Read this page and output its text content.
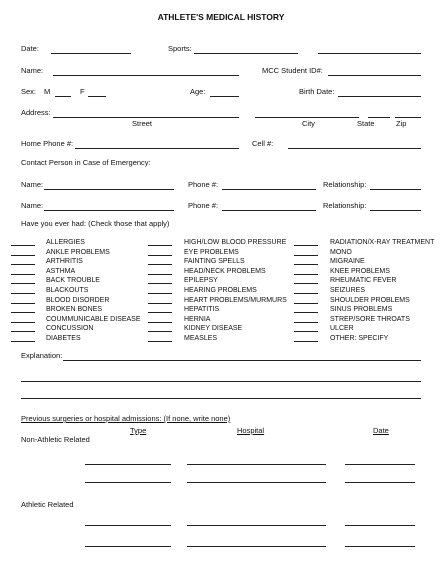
ATHLETE'S MEDICAL HISTORY
Date:	Sports:
Name:	MCC Student ID#:
Sex: M	F	Age:	Birth Date:
Address:
Street	City	State	Zip
Home Phone #:	Cell #:
Contact Person in Case of Emergency:
Name:	Phone #:	Relationship:
Name:	Phone #:	Relationship:
Have you ever had: (Check those that apply)
ALLERGIES
ANKLE PROBLEMS
ARTHRITIS
ASTHMA
BACK TROUBLE
BLACKOUTS
BLOOD DISORDER
BROKEN BONES
COUMMUNICABLE DISEASE
CONCUSSION
DIABETES
HIGH/LOW BLOOD PRESSURE
EYE PROBLEMS
FAINTING SPELLS
HEAD/NECK PROBLEMS
EPILEPSY
HEARING PROBLEMS
HEART PROBLEMS/MURMURS
HEPATITIS
HERNIA
KIDNEY DISEASE
MEASLES
RADIATION/X-RAY TREATMENT
MONO
MIGRAINE
KNEE PROBLEMS
RHEUMATIC FEVER
SEIZURES
SHOULDER PROBLEMS
SINUS PROBLEMS
STREP/SORE THROATS
ULCER
OTHER: SPECIFY
Explanation:
Previous surgeries or hospital admissions: (If none, write none)
Type	Hospital	Date
Non-Athletic Related
Athletic Related
